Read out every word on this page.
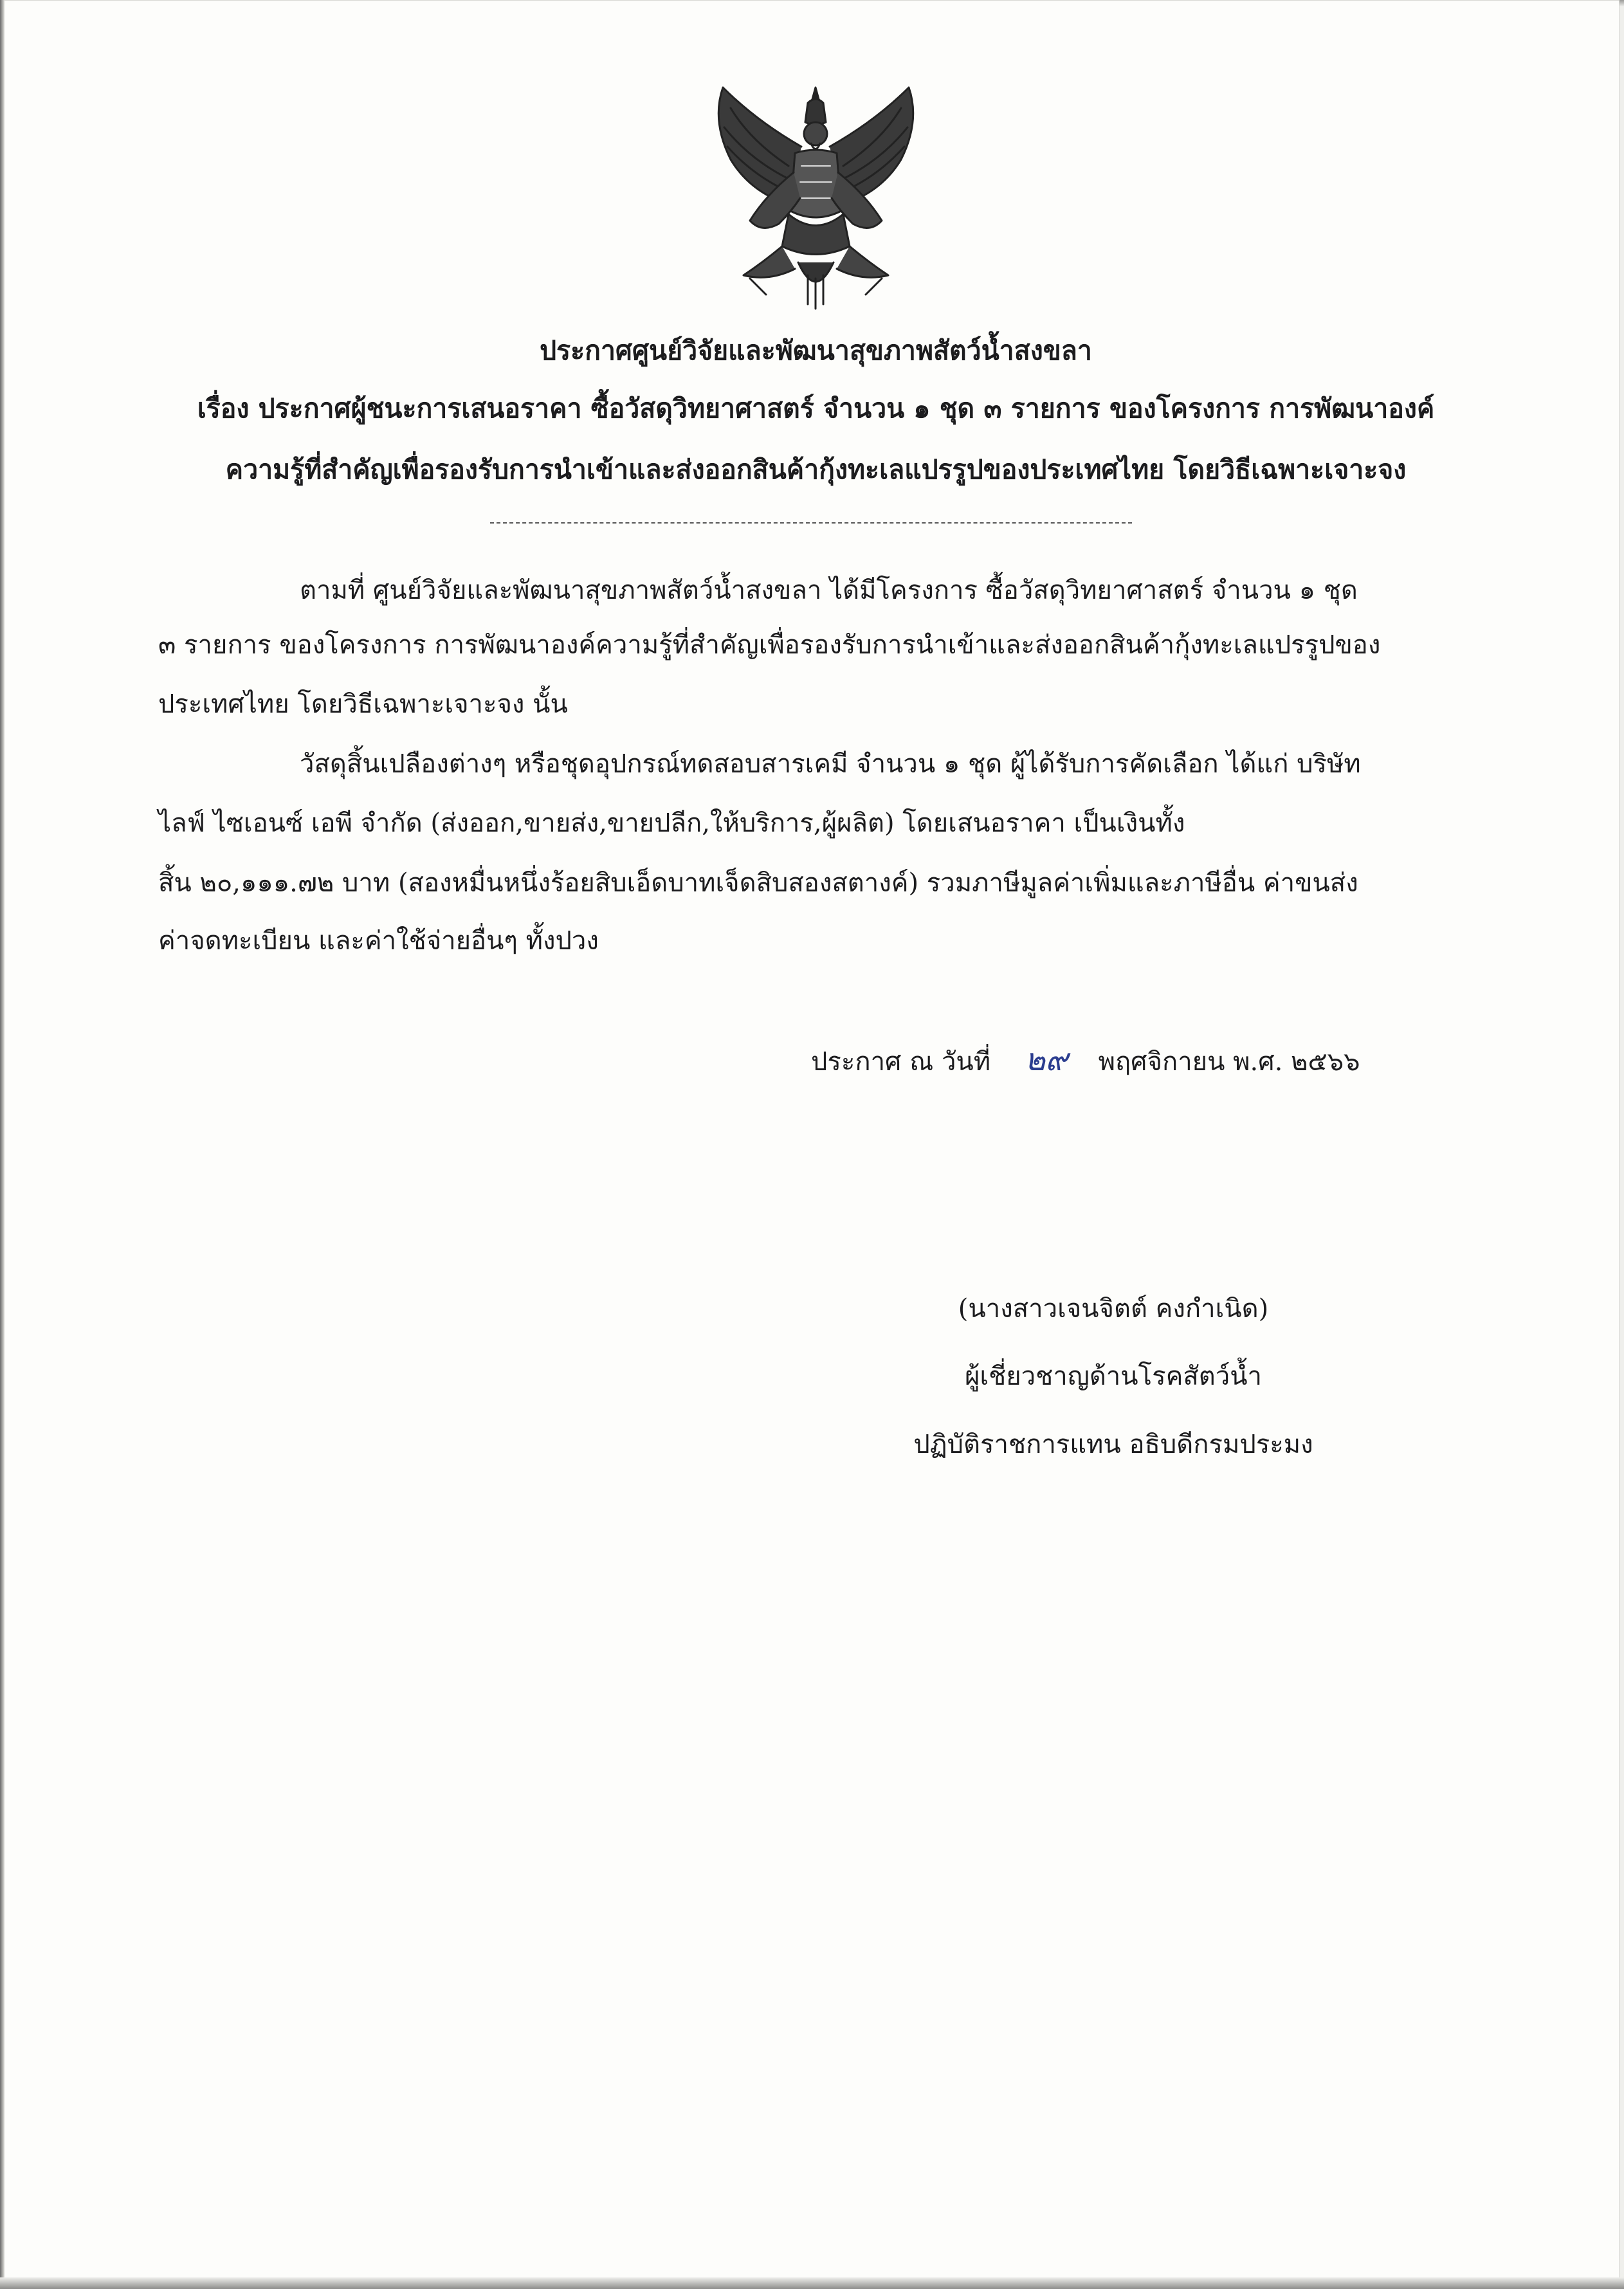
ประกาศศูนย์วิจัยและพัฒนาสุขภาพสัตว์น้ำสงขลา
เรื่อง ประกาศผู้ชนะการเสนอราคา ซื้อวัสดุวิทยาศาสตร์ จำนวน ๑ ชุด ๓ รายการ ของโครงการ การพัฒนาองค์
ความรู้ที่สำคัญเพื่อรองรับการนำเข้าและส่งออกสินค้ากุ้งทะเลแปรรูปของประเทศไทย โดยวิธีเฉพาะเจาะจง
ตามที่ ศูนย์วิจัยและพัฒนาสุขภาพสัตว์น้ำสงขลา ได้มีโครงการ ซื้อวัสดุวิทยาศาสตร์ จำนวน ๑ ชุด
๓ รายการ ของโครงการ การพัฒนาองค์ความรู้ที่สำคัญเพื่อรองรับการนำเข้าและส่งออกสินค้ากุ้งทะเลแปรรูปของ
ประเทศไทย โดยวิธีเฉพาะเจาะจง นั้น
วัสดุสิ้นเปลืองต่างๆ หรือชุดอุปกรณ์ทดสอบสารเคมี จำนวน ๑ ชุด ผู้ได้รับการคัดเลือก ได้แก่ บริษัท
ไลฟ์ ไซเอนซ์ เอพี จำกัด (ส่งออก,ขายส่ง,ขายปลีก,ให้บริการ,ผู้ผลิต) โดยเสนอราคา เป็นเงินทั้ง
สิ้น ๒๐,๑๑๑.๗๒ บาท (สองหมื่นหนึ่งร้อยสิบเอ็ดบาทเจ็ดสิบสองสตางค์) รวมภาษีมูลค่าเพิ่มและภาษีอื่น ค่าขนส่ง
ค่าจดทะเบียน และค่าใช้จ่ายอื่นๆ ทั้งปวง
ประกาศ ณ วันที่ ๒๙ พฤศจิกายน พ.ศ. ๒๕๖๖
(นางสาวเจนจิตต์ คงกำเนิด)
ผู้เชี่ยวชาญด้านโรคสัตว์น้ำ
ปฏิบัติราชการแทน อธิบดีกรมประมง
